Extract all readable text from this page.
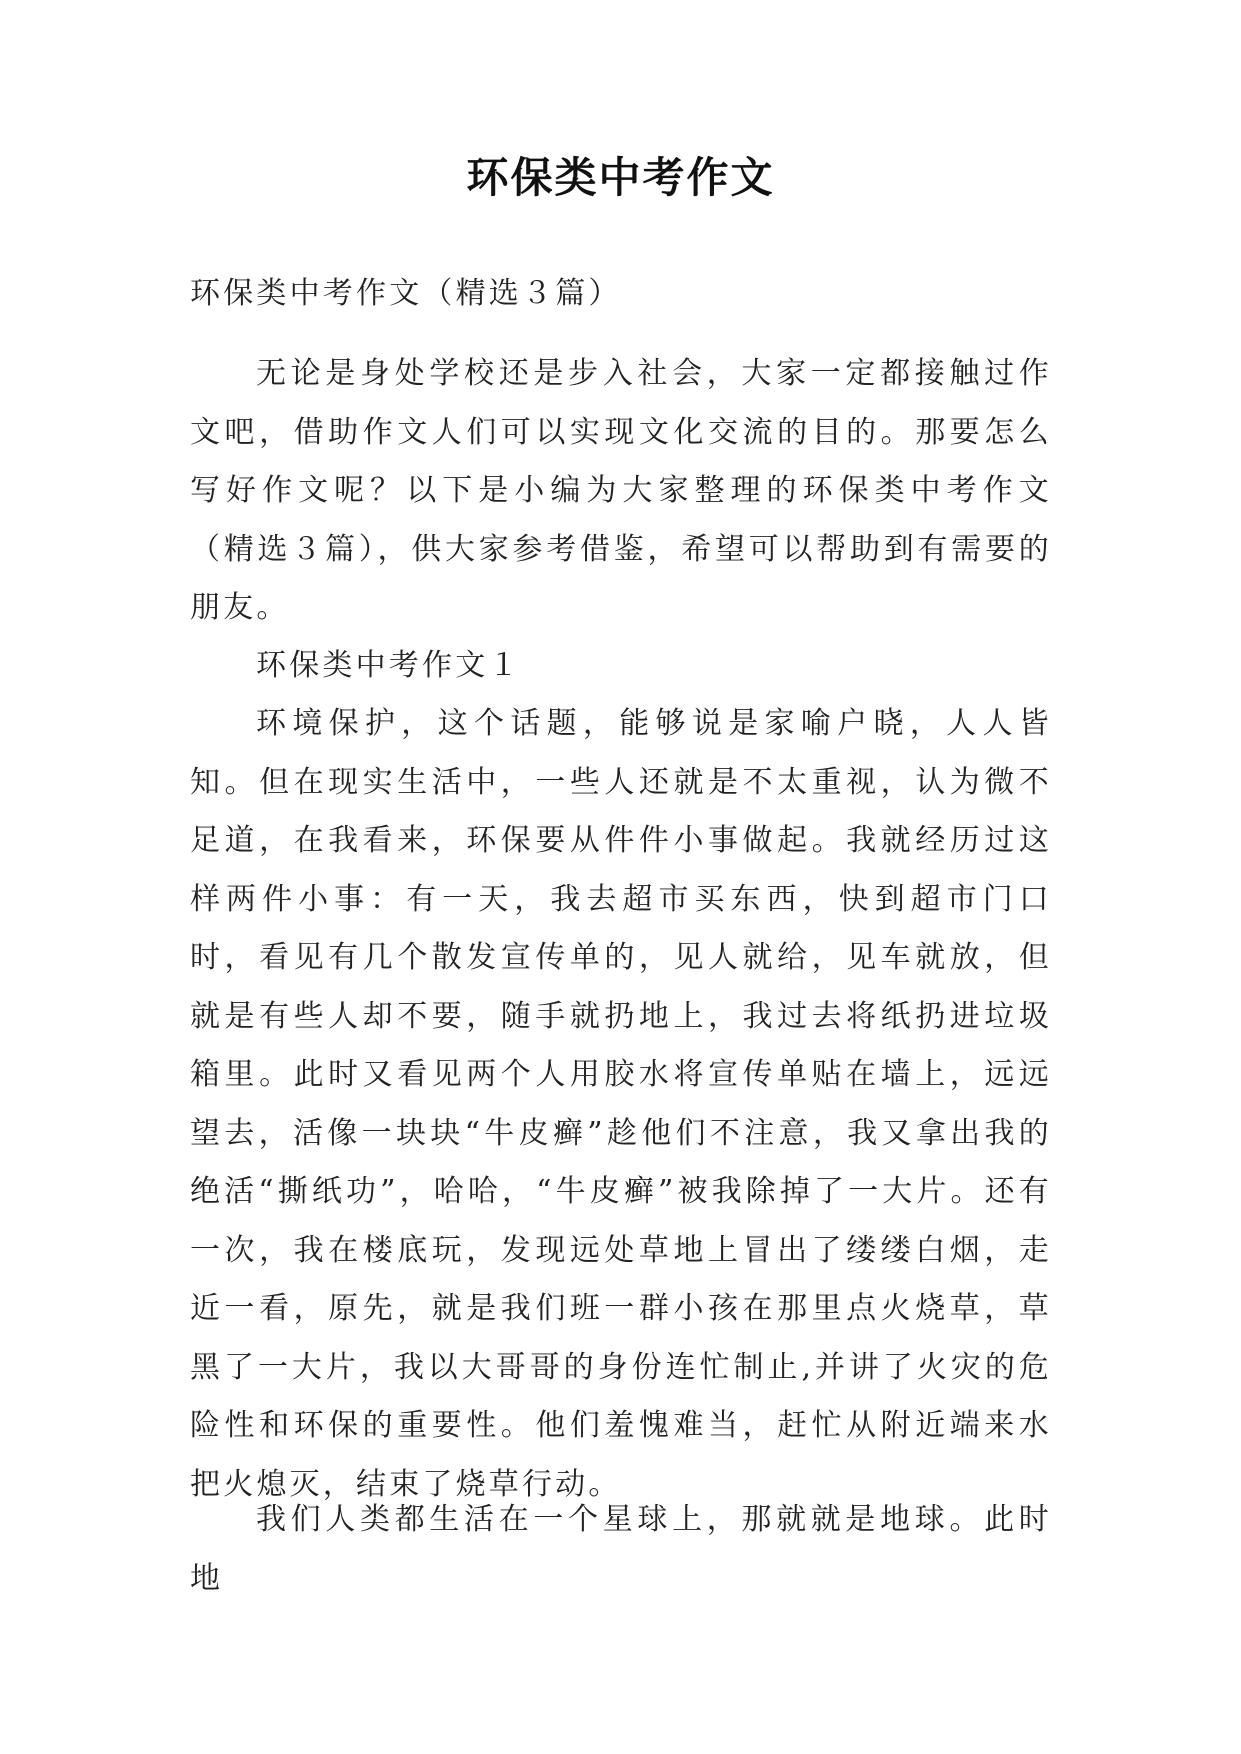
环保类中考作文

环保类中考作文（精选３篇）

无论是身处学校还是步入社会，大家一定都接触过作文吧，借助作文人们可以实现文化交流的目的。那要怎么写好作文呢？以下是小编为大家整理的环保类中考作文（精选３篇），供大家参考借鉴，希望可以帮助到有需要的朋友。

环保类中考作文１

环境保护，这个话题，能够说是家喻户晓，人人皆知。但在现实生活中，一些人还就是不太重视，认为微不足道，在我看来，环保要从件件小事做起。我就经历过这样两件小事：有一天，我去超市买东西，快到超市门口时，看见有几个散发宣传单的，见人就给，见车就放，但就是有些人却不要，随手就扔地上，我过去将纸扔进垃圾箱里。此时又看见两个人用胶水将宣传单贴在墙上，远远望去，活像一块块“牛皮癣”趁他们不注意，我又拿出我的绝活“撕纸功”，哈哈，“牛皮癣”被我除掉了一大片。还有一次，我在楼底玩，发现远处草地上冒出了缕缕白烟，走近一看，原先，就是我们班一群小孩在那里点火烧草，草黑了一大片，我以大哥哥的身份连忙制止,并讲了火灾的危险性和环保的重要性。他们羞愧难当，赶忙从附近端来水把火熄灭，结束了烧草行动。

我们人类都生活在一个星球上，那就就是地球。此时地
